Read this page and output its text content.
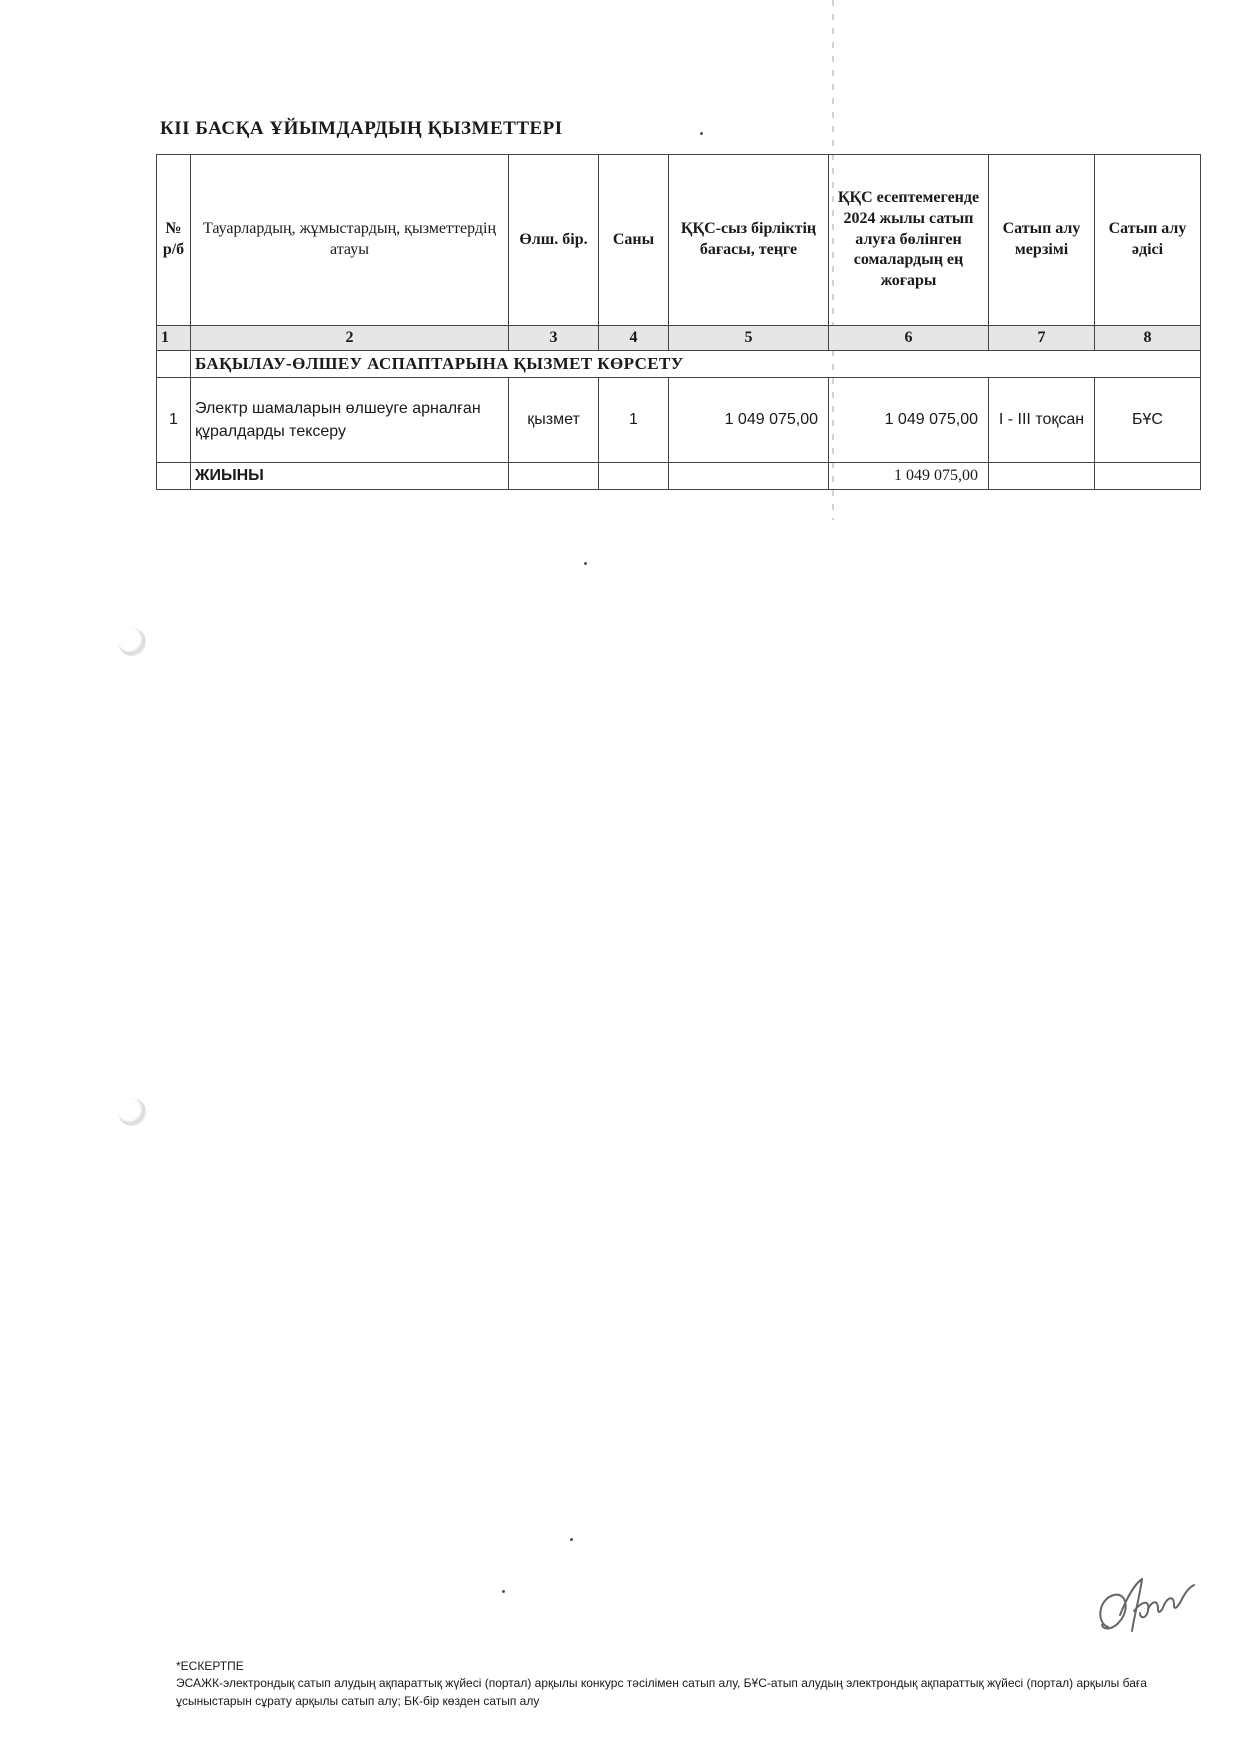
КII БАСҚА ҰЙЫМДАРДЫҢ ҚЫЗМЕТТЕРІ
№ р/б	Тауарлардың, жұмыстардың, қызметтердің атауы	Өлш. бір.	Саны	ҚҚС-сыз бірліктің бағасы, теңге	ҚҚС есептемегенде 2024 жылы сатып алуға бөлінген сомалардың ең жоғары	Сатып алу мерзімі	Сатып алу әдісі
1	2	3	4	5	6	7	8
	БАҚЫЛАУ-ӨЛШЕУ АСПАПТАРЫНА ҚЫЗМЕТ КӨРСЕТУ						
1	Электр шамаларын өлшеуге арналған құралдарды тексеру	қызмет	1	1 049 075,00	1 049 075,00	I - III тоқсан	БҰС
	ЖИЫНЫ				1 049 075,00		
*ЕСКЕРТПЕ
ЭСАЖК-электрондық сатып алудың ақпараттық жүйесі (портал) арқылы конкурс тәсілімен сатып алу, БҰС-атып алудың электрондық ақпараттық жүйесі (портал) арқылы баға ұсыныстарын сұрату арқылы сатып алу; БК-бір көзден сатып алу
